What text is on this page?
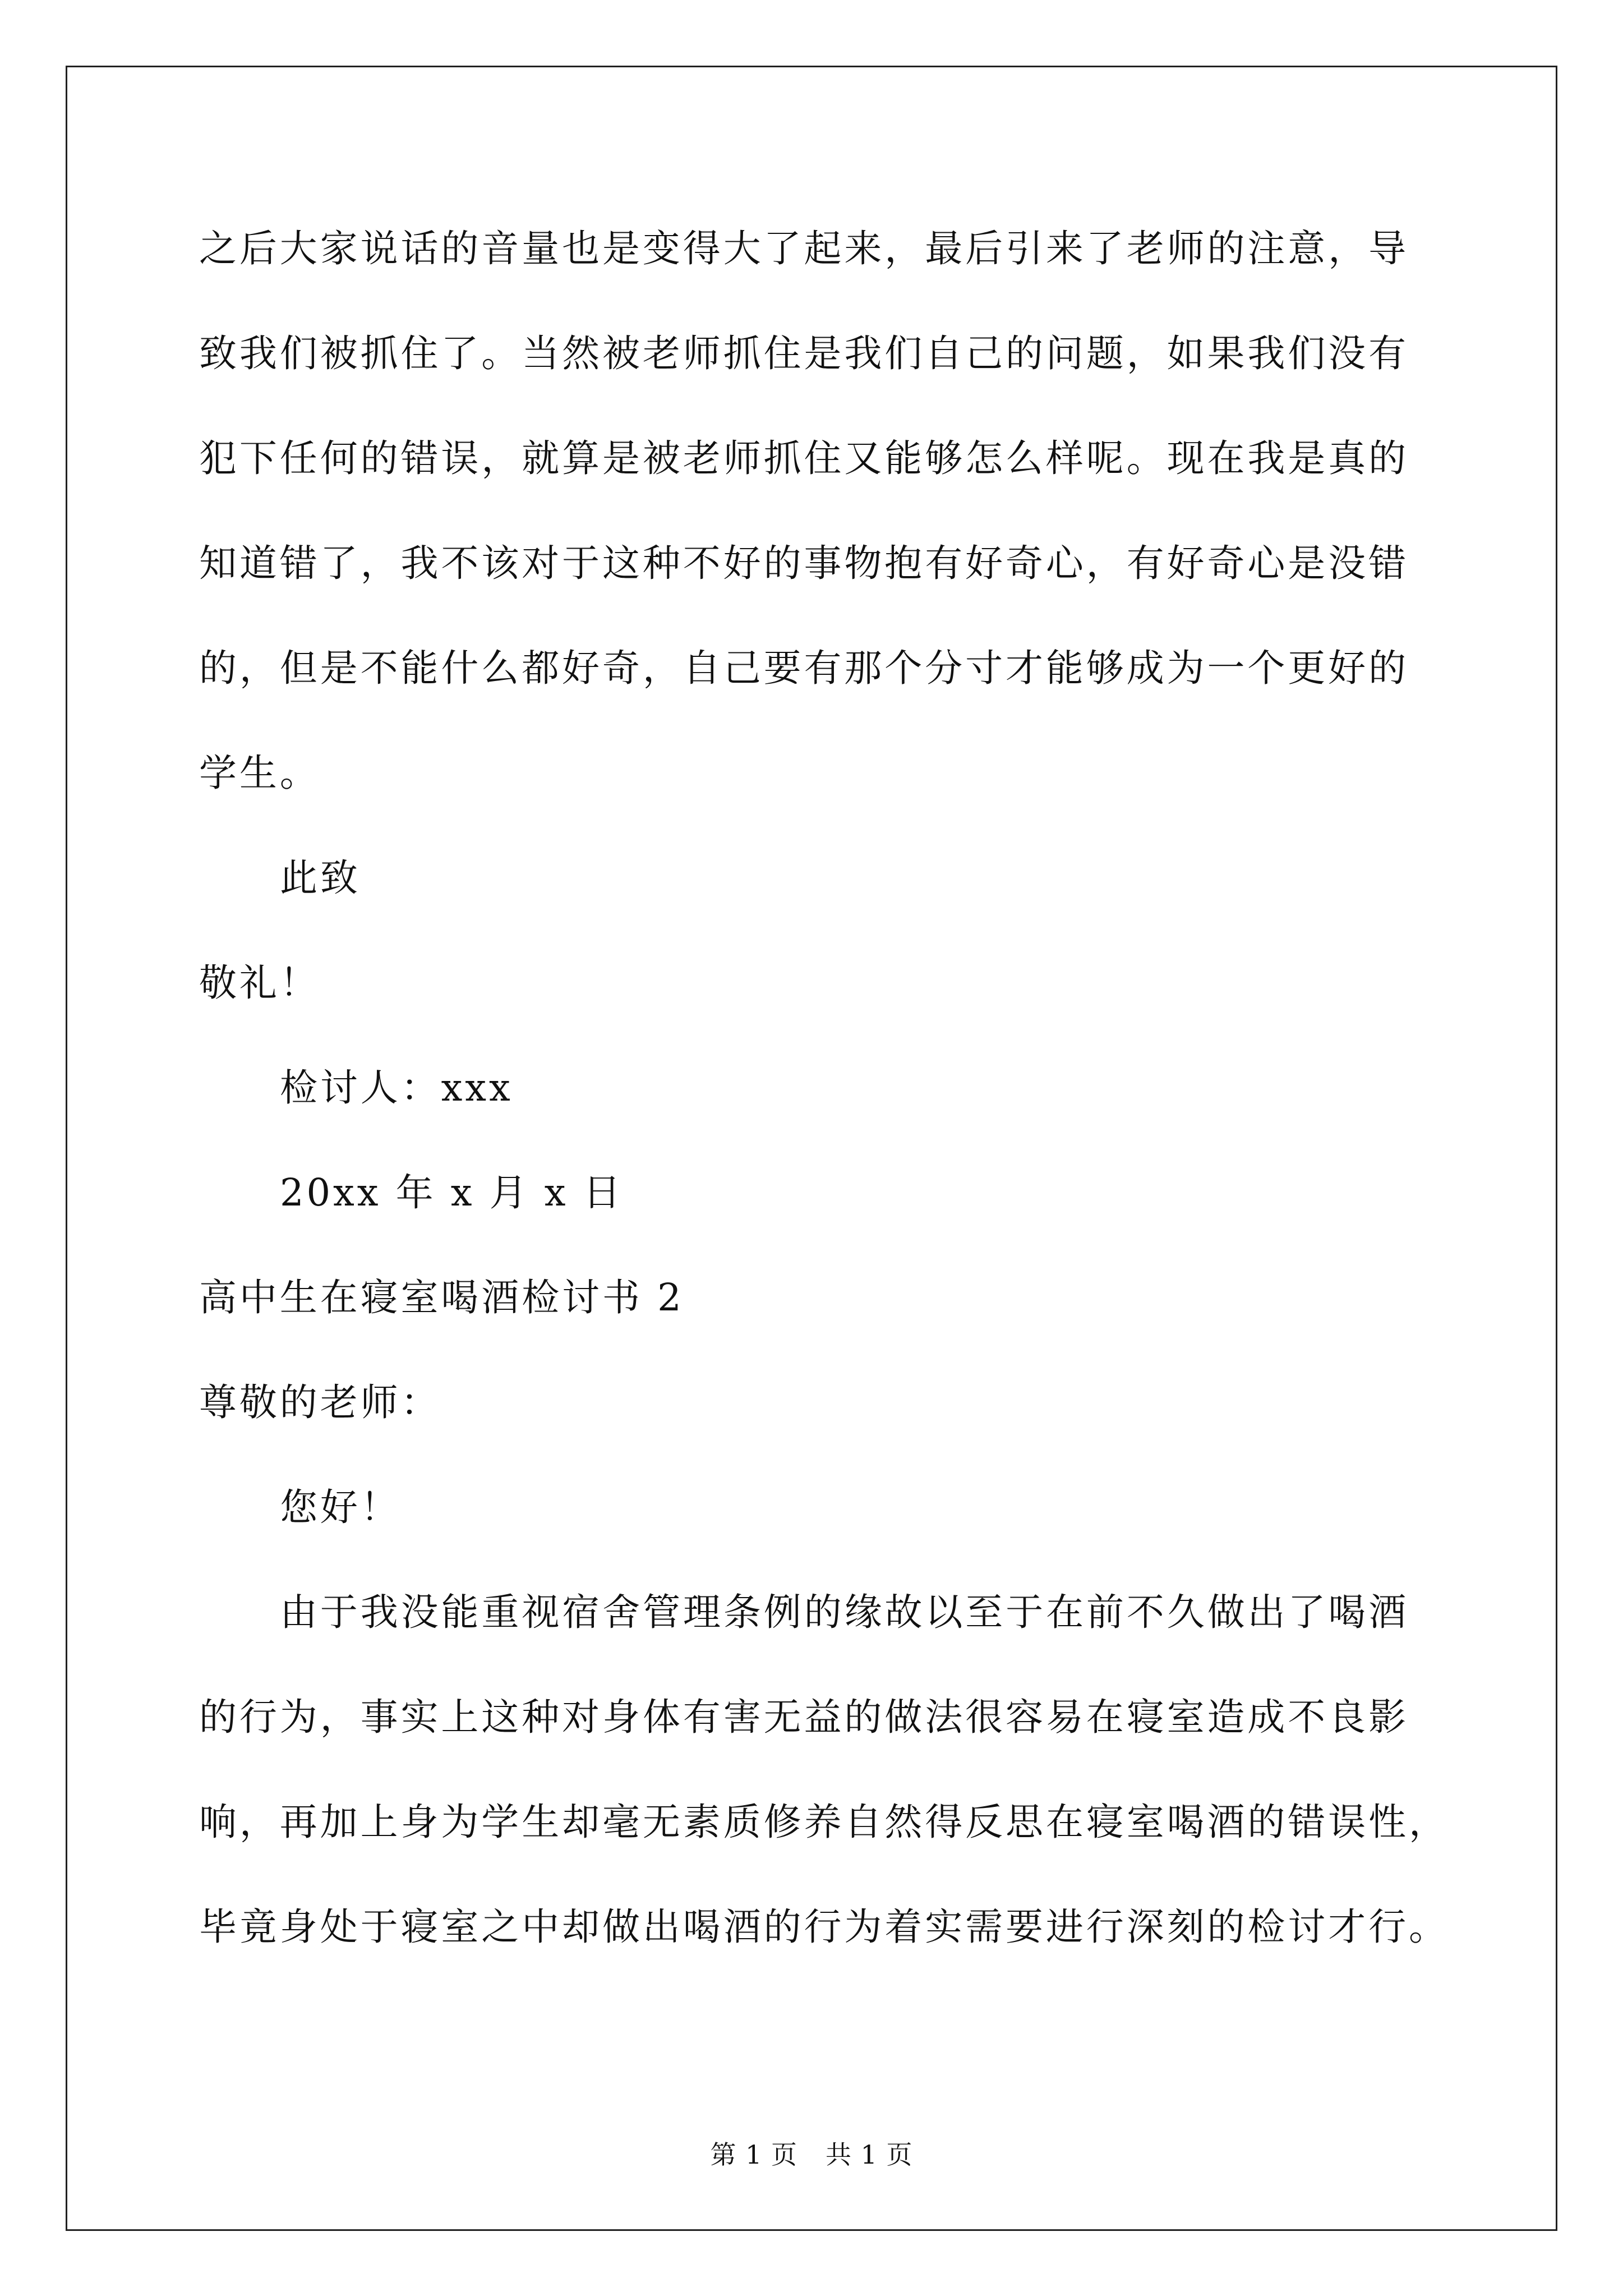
之后大家说话的音量也是变得大了起来，最后引来了老师的注意，导
致我们被抓住了。当然被老师抓住是我们自己的问题，如果我们没有
犯下任何的错误，就算是被老师抓住又能够怎么样呢。现在我是真的
知道错了，我不该对于这种不好的事物抱有好奇心，有好奇心是没错
的，但是不能什么都好奇，自己要有那个分寸才能够成为一个更好的
学生。
此致
敬礼！
检讨人：xxx
20xx 年 x 月 x 日
高中生在寝室喝酒检讨书 2
尊敬的老师：
您好！
由于我没能重视宿舍管理条例的缘故以至于在前不久做出了喝酒
的行为，事实上这种对身体有害无益的做法很容易在寝室造成不良影
响，再加上身为学生却毫无素质修养自然得反思在寝室喝酒的错误性，
毕竟身处于寝室之中却做出喝酒的行为着实需要进行深刻的检讨才行。
第 1 页 共 1 页
